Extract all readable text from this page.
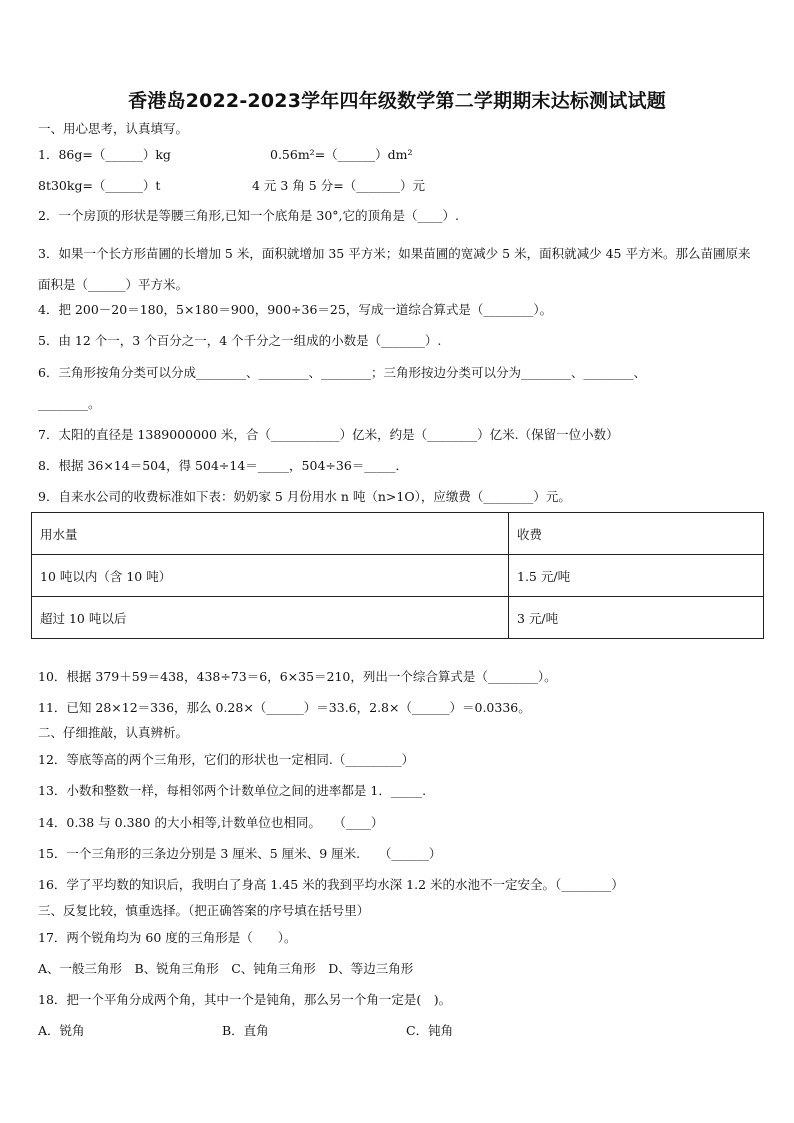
香港岛2022-2023学年四年级数学第二学期期末达标测试试题
一、用心思考，认真填写。
1．86g=（______）kg	0.56m²=（______）dm²
8t30kg=（______）t	4 元 3 角 5 分=（_______）元
2．一个房顶的形状是等腰三角形,已知一个底角是 30°,它的顶角是（____）.
3．如果一个长方形苗圃的长增加 5 米，面积就增加 35 平方米；如果苗圃的宽减少 5 米，面积就减少 45 平方米。那么苗圃原来面积是（______）平方米。
4．把 200－20＝180，5×180＝900，900÷36＝25，写成一道综合算式是（________）。
5．由 12 个一，3 个百分之一，4 个千分之一组成的小数是（_______）.
6．三角形按角分类可以分成________、________、________；三角形按边分类可以分为________、________、
________。
7．太阳的直径是 1389000000 米，合（___________）亿米，约是（________）亿米.（保留一位小数）
8．根据 36×14＝504，得 504÷14＝_____，504÷36＝_____．
9．自来水公司的收费标准如下表：奶奶家 5 月份用水 n 吨（n>1O），应缴费（________）元。
用水量	收费
10 吨以内（含 10 吨）	1.5 元/吨
超过 10 吨以后	3 元/吨
10．根据 379＋59＝438，438÷73＝6，6×35＝210，列出一个综合算式是（________）。
11．已知 28×12＝336，那么 0.28×（______）＝33.6，2.8×（______）＝0.0336。
二、仔细推敲，认真辨析。
12．等底等高的两个三角形，它们的形状也一定相同.（_________）
13．小数和整数一样，每相邻两个计数单位之间的进率都是 1．_____.
14．0.38 与 0.380 的大小相等,计数单位也相同。　　（____）
15．一个三角形的三条边分别是 3 厘米、5 厘米、9 厘米.　　（______）
16．学了平均数的知识后，我明白了身高 1.45 米的我到平均水深 1.2 米的水池不一定安全。（________）
三、反复比较，慎重选择。（把正确答案的序号填在括号里）
17．两个锐角均为 60 度的三角形是（　　）。
A、一般三角形　B、锐角三角形　C、钝角三角形　D、等边三角形
18．把一个平角分成两个角，其中一个是钝角，那么另一个角一定是(　)。
A．锐角	B．直角	C．钝角
